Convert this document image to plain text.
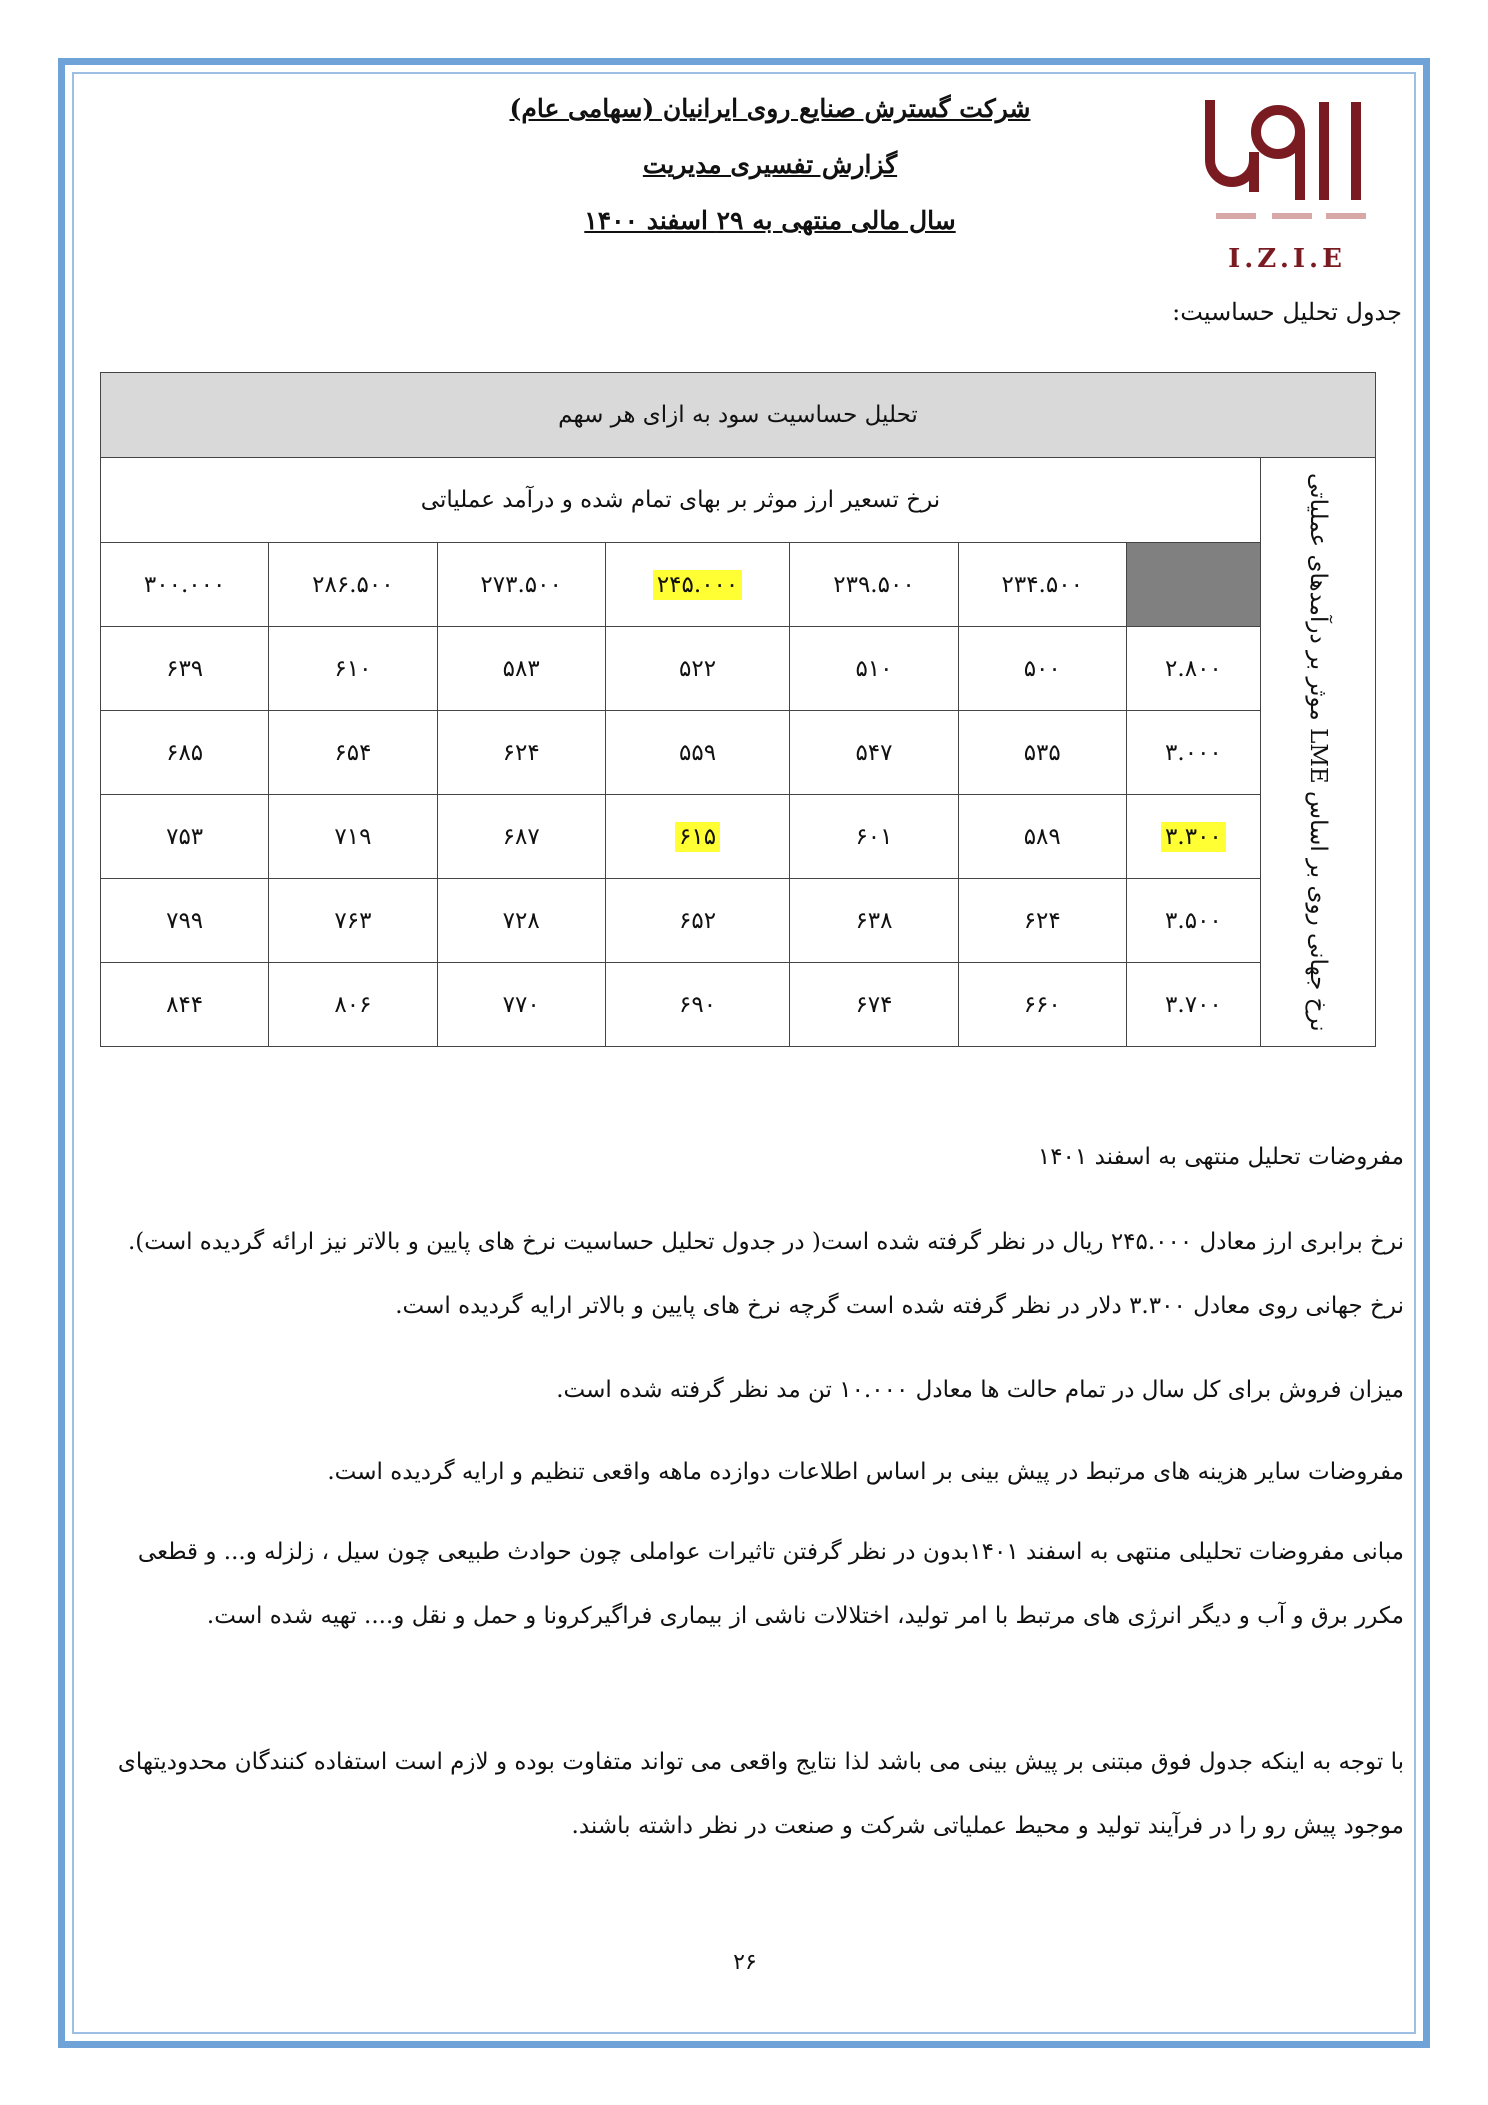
شرکت گسترش صنایع روی ایرانیان (سهامی عام)
گزارش تفسیری مدیریت
سال مالی منتهی به ۲۹ اسفند ۱۴۰۰
I.Z.I.E
جدول تحلیل حساسیت:
تحلیل حساسیت سود به ازای هر سهم							
نرخ جهانی روی بر اساس LME موثر بر درآمدهای عملیاتی	نرخ تسعیر ارز موثر بر بهای تمام شده و درآمد عملیاتی						
		۲۳۴.۵۰۰	۲۳۹.۵۰۰	۲۴۵.۰۰۰	۲۷۳.۵۰۰	۲۸۶.۵۰۰	۳۰۰.۰۰۰
	۲.۸۰۰	۵۰۰	۵۱۰	۵۲۲	۵۸۳	۶۱۰	۶۳۹
	۳.۰۰۰	۵۳۵	۵۴۷	۵۵۹	۶۲۴	۶۵۴	۶۸۵
	۳.۳۰۰	۵۸۹	۶۰۱	۶۱۵	۶۸۷	۷۱۹	۷۵۳
	۳.۵۰۰	۶۲۴	۶۳۸	۶۵۲	۷۲۸	۷۶۳	۷۹۹
	۳.۷۰۰	۶۶۰	۶۷۴	۶۹۰	۷۷۰	۸۰۶	۸۴۴
مفروضات تحلیل منتهی به اسفند ۱۴۰۱
نرخ برابری ارز معادل ۲۴۵.۰۰۰ ریال در نظر گرفته شده است( در جدول تحلیل حساسیت نرخ های پایین و بالاتر نیز ارائه گردیده است). نرخ جهانی روی معادل ۳.۳۰۰ دلار در نظر گرفته شده است گرچه نرخ های پایین و بالاتر ارایه گردیده است.
میزان فروش برای کل سال در تمام حالت ها معادل ۱۰.۰۰۰ تن مد نظر گرفته شده است.
مفروضات سایر هزینه های مرتبط در پیش بینی بر اساس اطلاعات دوازده ماهه واقعی تنظیم و ارایه گردیده است.
مبانی مفروضات تحلیلی منتهی به اسفند ۱۴۰۱بدون در نظر گرفتن تاثیرات عواملی چون حوادث طبیعی چون سیل ، زلزله و... و قطعی مکرر برق و آب و دیگر انرژی های مرتبط با امر تولید، اختلالات ناشی از بیماری فراگیرکرونا و حمل و نقل و.... تهیه شده است.
با توجه به اینکه جدول فوق مبتنی بر پیش بینی می باشد لذا نتایج واقعی می تواند متفاوت بوده و لازم است استفاده کنندگان محدودیتهای موجود پیش رو را در فرآیند تولید و محیط عملیاتی شرکت و صنعت در نظر داشته باشند.
۲۶
